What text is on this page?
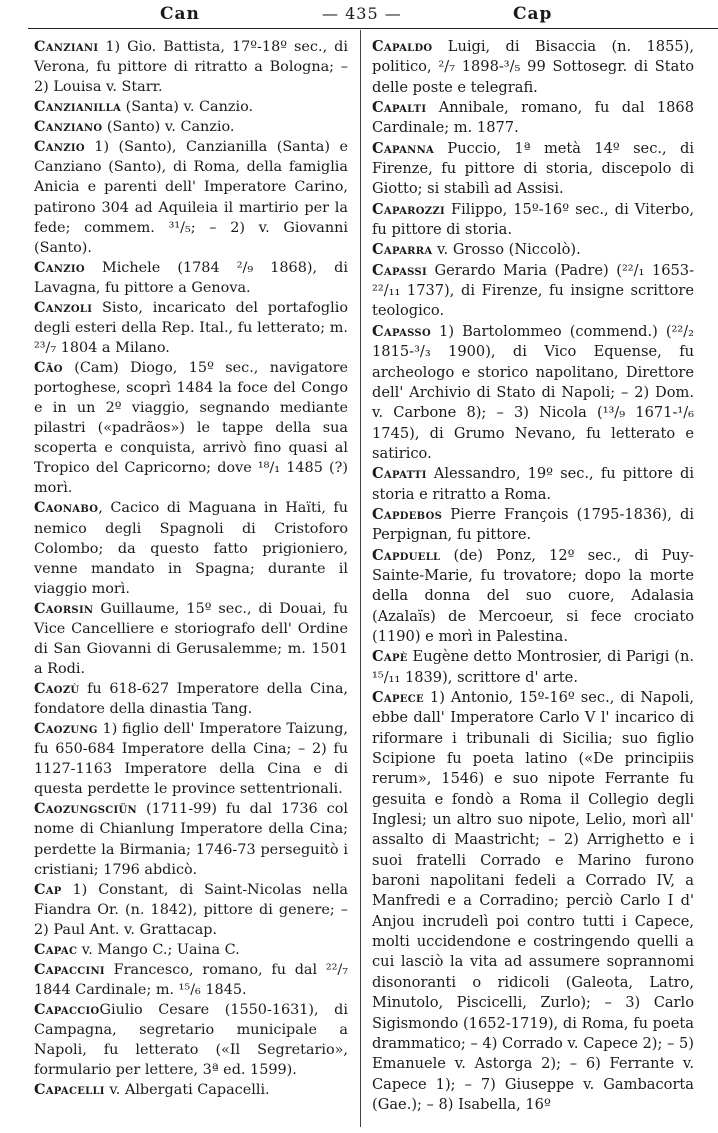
Can	— 435 —	Cap

Canziani 1) Gio. Battista, 17º-18º sec., di Verona, fu pittore di ritratto a Bologna; – 2) Louisa v. Starr.

Canzianilla (Santa) v. Canzio.

Canziano (Santo) v. Canzio.

Canzio 1) (Santo), Canzianilla (Santa) e Canziano (Santo), di Roma, della famiglia Anicia e parenti dell' Imperatore Carino, patirono 304 ad Aquileia il martirio per la fede; commem. ³¹/₅; – 2) v. Giovanni (Santo).

Canzio Michele (1784 ²/₉ 1868), di Lavagna, fu pittore a Genova.

Canzoli Sisto, incaricato del portafoglio degli esteri della Rep. Ital., fu letterato; m. ²³/₇ 1804 a Milano.

Cão (Cam) Diogo, 15º sec., navigatore portoghese, scoprì 1484 la foce del Congo e in un 2º viaggio, segnando mediante pilastri («padrãos») le tappe della sua scoperta e conquista, arrivò fino quasi al Tropico del Capricorno; dove ¹⁸/₁ 1485 (?) morì.

Caonabo, Cacico di Maguana in Haïti, fu nemico degli Spagnoli di Cristoforo Colombo; da questo fatto prigioniero, venne mandato in Spagna; durante il viaggio morì.

Caorsin Guillaume, 15º sec., di Douai, fu Vice Cancelliere e storiografo dell' Ordine di San Giovanni di Gerusalemme; m. 1501 a Rodi.

Caozù fu 618-627 Imperatore della Cina, fondatore della dinastia Tang.

Caozung 1) figlio dell' Imperatore Taizung, fu 650-684 Imperatore della Cina; – 2) fu 1127-1163 Imperatore della Cina e di questa perdette le province settentrionali.

Caozungsciün (1711-99) fu dal 1736 col nome di Chianlung Imperatore della Cina; perdette la Birmania; 1746-73 perseguitò i cristiani; 1796 abdicò.

Cap 1) Constant, di Saint-Nicolas nella Fiandra Or. (n. 1842), pittore di genere; – 2) Paul Ant. v. Grattacap.

Capac v. Mango C.; Uaina C.

Capaccini Francesco, romano, fu dal ²²/₇ 1844 Cardinale; m. ¹⁵/₆ 1845.

CapaccioGiulio Cesare (1550-1631), di Campagna, segretario municipale a Napoli, fu letterato («Il Segretario», formulario per lettere, 3ª ed. 1599).

Capacelli v. Albergati Capacelli.

Capaldo Luigi, di Bisaccia (n. 1855), politico, ²/₇ 1898-³/₅ 99 Sottosegr. di Stato delle poste e telegrafi.

Capalti Annibale, romano, fu dal 1868 Cardinale; m. 1877.

Capanna Puccio, 1ª metà 14º sec., di Firenze, fu pittore di storia, discepolo di Giotto; si stabilì ad Assisi.

Caparozzi Filippo, 15º-16º sec., di Viterbo, fu pittore di storia.

Caparra v. Grosso (Niccolò).

Capassi Gerardo Maria (Padre) (²²/₁ 1653-²²/₁₁ 1737), di Firenze, fu insigne scrittore teologico.

Capasso 1) Bartolommeo (commend.) (²²/₂ 1815-³/₃ 1900), di Vico Equense, fu archeologo e storico napolitano, Direttore dell' Archivio di Stato di Napoli; – 2) Dom. v. Carbone 8); – 3) Nicola (¹³/₉ 1671-¹/₆ 1745), di Grumo Nevano, fu letterato e satirico.

Capatti Alessandro, 19º sec., fu pittore di storia e ritratto a Roma.

Capdebos Pierre François (1795-1836), di Perpignan, fu pittore.

Capduell (de) Ponz, 12º sec., di Puy-Sainte-Marie, fu trovatore; dopo la morte della donna del suo cuore, Adalasia (Azalaïs) de Mercoeur, si fece crociato (1190) e morì in Palestina.

Capè Eugène detto Montrosier, di Parigi (n. ¹⁵/₁₁ 1839), scrittore d' arte.

Capece 1) Antonio, 15º-16º sec., di Napoli, ebbe dall' Imperatore Carlo V l' incarico di riformare i tribunali di Sicilia; suo figlio Scipione fu poeta latino («De principiis rerum», 1546) e suo nipote Ferrante fu gesuita e fondò a Roma il Collegio degli Inglesi; un altro suo nipote, Lelio, morì all' assalto di Maastricht; – 2) Arrighetto e i suoi fratelli Corrado e Marino furono baroni napolitani fedeli a Corrado IV, a Manfredi e a Corradino; perciò Carlo I d' Anjou incrudelì poi contro tutti i Capece, molti uccidendone e costringendo quelli a cui lasciò la vita ad assumere soprannomi disonoranti o ridicoli (Galeota, Latro, Minutolo, Piscicelli, Zurlo); – 3) Carlo Sigismondo (1652-1719), di Roma, fu poeta drammatico; – 4) Corrado v. Capece 2); – 5) Emanuele v. Astorga 2); – 6) Ferrante v. Capece 1); – 7) Giuseppe v. Gambacorta (Gae.); – 8) Isabella, 16º
